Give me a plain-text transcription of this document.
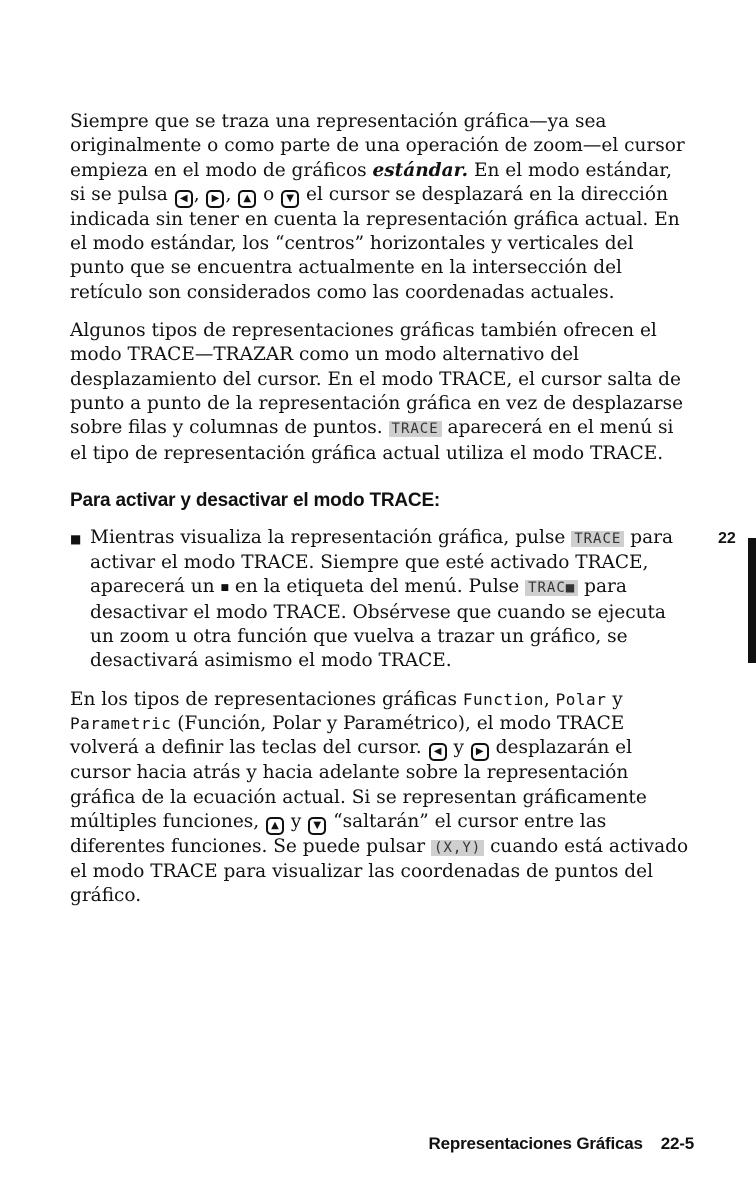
Siempre que se traza una representación gráfica—ya sea originalmente o como parte de una operación de zoom—el cursor empieza en el modo de gráficos estándar. En el modo estándar, si se pulsa ◀ , ▶ , ▲ o ▼ el cursor se desplazará en la dirección indicada sin tener en cuenta la representación gráfica actual. En el modo estándar, los “centros” horizontales y verticales del punto que se encuentra actualmente en la intersección del retículo son considerados como las coordenadas actuales.

Algunos tipos de representaciones gráficas también ofrecen el modo TRACE—TRAZAR como un modo alternativo del desplazamiento del cursor. En el modo TRACE, el cursor salta de punto a punto de la representación gráfica en vez de desplazarse sobre filas y columnas de puntos. TRACE aparecerá en el menú si el tipo de representación gráfica actual utiliza el modo TRACE.

Para activar y desactivar el modo TRACE:
■ Mientras visualiza la representación gráfica, pulse TRACE para activar el modo TRACE. Siempre que esté activado TRACE, aparecerá un ■ en la etiqueta del menú. Pulse TRAC■ para desactivar el modo TRACE. Obsérvese que cuando se ejecuta un zoom u otra función que vuelva a trazar un gráfico, se desactivará asimismo el modo TRACE.

En los tipos de representaciones gráficas Function, Polar y Parametric (Función, Polar y Paramétrico), el modo TRACE volverá a definir las teclas del cursor. ◀ y ▶ desplazarán el cursor hacia atrás y hacia adelante sobre la representación gráfica de la ecuación actual. Si se representan gráficamente múltiples funciones, ▲ y ▼ “saltarán” el cursor entre las diferentes funciones. Se puede pulsar (X,Y) cuando está activado el modo TRACE para visualizar las coordenadas de puntos del gráfico.

22
Representaciones Gráficas 22-5
